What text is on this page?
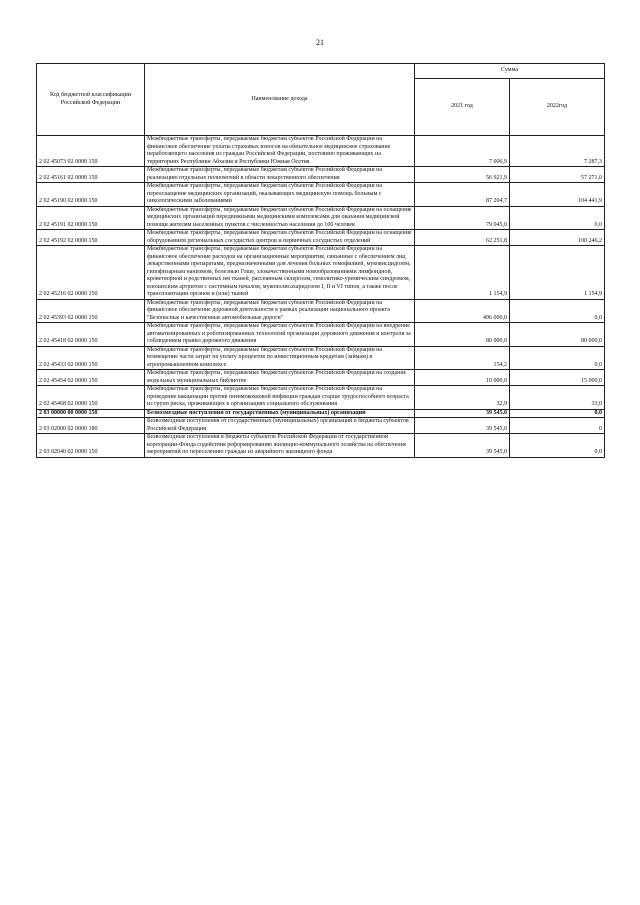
21
Код бюджетной классификации Российской Федерации	Наименование дохода	Сумма	
		2021 год	2022год
2 02 45073 02 0000 150	Межбюджетные трансферты, передаваемые бюджетам субъектов Российской Федерации на финансовое обеспечение уплаты страховых взносов на обязательное медицинское страхование неработающего населения из граждан Российской Федерации, постоянно проживающих на территориях Республики Абхазия и Республики Южная Осетия	7 006,9	7 287,3
2 02 45161 02 0000 150	Межбюджетные трансферты, передаваемые бюджетам субъектов Российской Федерации на реализацию отдельных полномочий в области лекарственного обеспечения	56 921,9	57 271,0
2 02 45190 02 0000 150	Межбюджетные трансферты, передаваемые бюджетам субъектов Российской Федерации на переоснащение медицинских организаций, оказывающих медицинскую помощь больным с онкологическими заболеваниями	87 204,7	104 441,9
2 02 45191 02 0000 150	Межбюджетные трансферты, передаваемые бюджетам субъектов Российской Федерации на оснащение медицинских организаций передвижными медицинскими комплексами для оказания медицинской помощи жителям населенных пунктов с численностью населения до 100 человек	79 045,0	0,0
2 02 45192 02 0000 150	Межбюджетные трансферты, передаваемые бюджетам субъектов Российской Федерации на оснащение оборудованием региональных сосудистых центров и первичных сосудистых отделений	62 251,8	100 246,2
2 02 45216 02 0000 150	Межбюджетные трансферты, передаваемые бюджетам субъектов Российской Федерации на финансовое обеспечение расходов на организационные мероприятия, связанные с обеспечением лиц лекарственными препаратами, предназначенными для лечения больных гемофилией, муковисцидозом, гипофизарным нанизмом, болезнью Гоше, злокачественными новообразованиями лимфоидной, кроветворной и родственных им тканей, рассеянным склерозом, гемолитико-уремическим синдромом, юношеским артритом с системным началом, мукополисахаридозом I, II и VI типов, а также после трансплантации органов и (или) тканей	1 154,9	1 154,9
2 02 45393 02 0000 150	Межбюджетные трансферты, передаваемые бюджетам субъектов Российской Федерации на финансовое обеспечение дорожной деятельности в рамках реализации национального проекта "Безопасные и качественные автомобильные дороги"	496 000,0	0,0
2 02 45418 02 0000 150	Межбюджетные трансферты, передаваемые бюджетам субъектов Российской Федерации на внедрение автоматизированных и роботизированных технологий организации дорожного движения и контроля за соблюдением правил дорожного движения	80 000,0	80 000,0
2 02 45433 02 0000 150	Межбюджетные трансферты, передаваемые бюджетам субъектов Российской Федерации на возмещение части затрат на уплату процентов по инвестиционным кредитам (займам) в агропромышленном комплексе	154,2	0,0
2 02 45454 02 0000 150	Межбюджетные трансферты, передаваемые бюджетам субъектов Российской Федерации на создание модельных муниципальных библиотек	10 000,0	15 000,0
2 02 45468 02 0000 150	Межбюджетные трансферты, передаваемые бюджетам субъектов Российской Федерации на проведение вакцинации против пневмококковой инфекции граждан старше трудоспособного возраста из групп риска, проживающих в организациях социального обслуживания	32,9	33,0
2 03 00000 00 0000 150	Безвозмездные поступления от государственных (муниципальных) организаций	39 545,0	0,0
2 03 02000 02 0000 180	Безвозмездные поступления от государственных (муниципальных) организаций в бюджеты субъектов Российской Федерации	39 545,0	0
2 03 02040 02 0000 150	Безвозмездные поступления в бюджеты субъектов Российской Федерации от государственной корпорации-Фонда содействия реформированию жилищно-коммунального хозяйства на обеспечение мероприятий по переселению граждан из аварийного жилищного фонда	39 545,0	0,0
